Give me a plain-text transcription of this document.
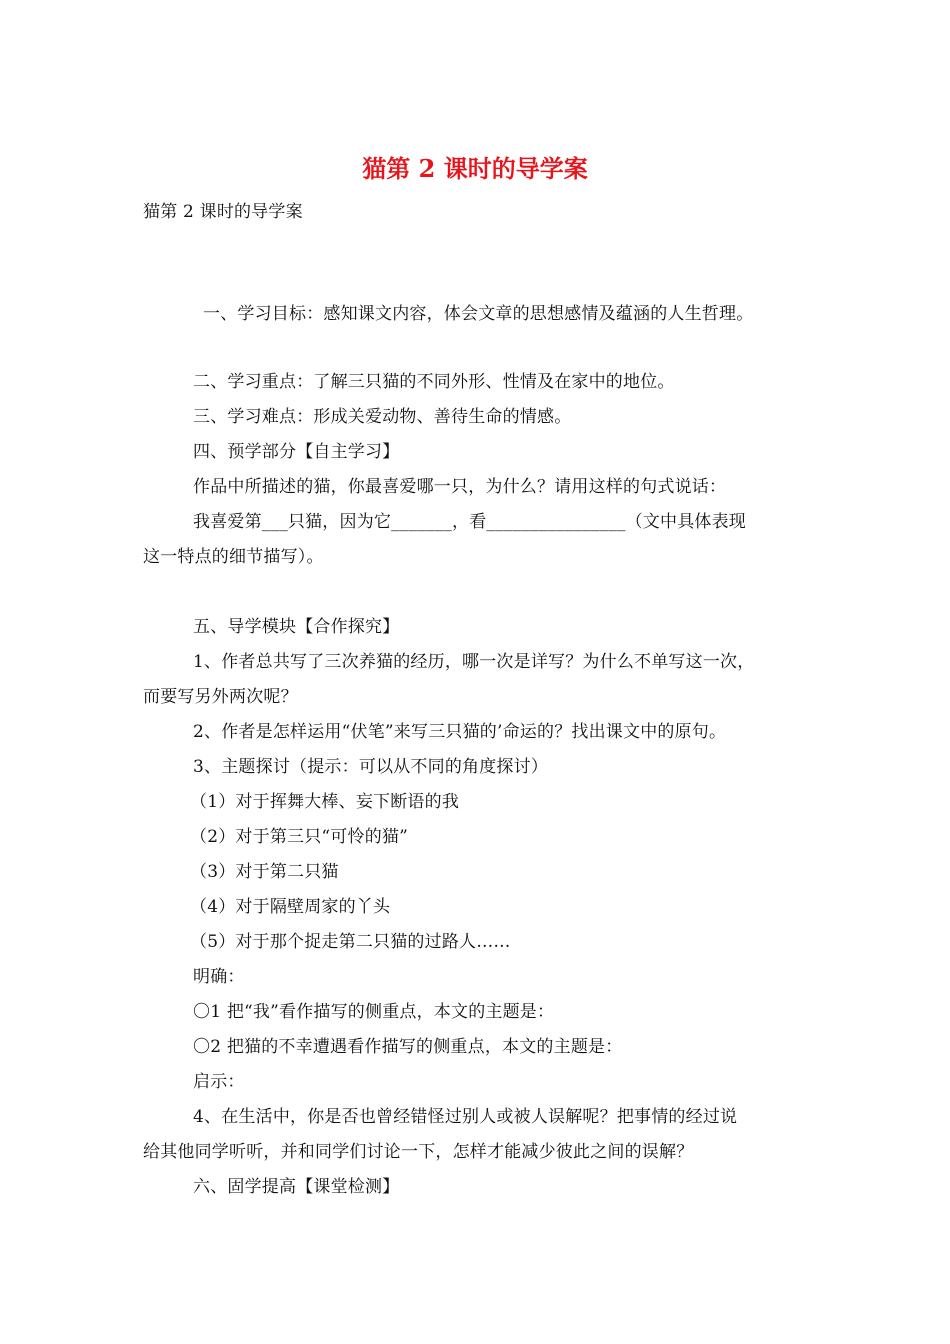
猫第 2 课时的导学案
猫第 2 课时的导学案
一、学习目标：感知课文内容，体会文章的思想感情及蕴涵的人生哲理。
二、学习重点：了解三只猫的不同外形、性情及在家中的地位。
三、学习难点：形成关爱动物、善待生命的情感。
四、预学部分【自主学习】
作品中所描述的猫，你最喜爱哪一只，为什么？请用这样的句式说话：
我喜爱第___只猫，因为它_______，看________________（文中具体表现
这一特点的细节描写）。
五、导学模块【合作探究】
1、作者总共写了三次养猫的经历，哪一次是详写？为什么不单写这一次，
而要写另外两次呢？
2、作者是怎样运用“伏笔”来写三只猫的’命运的？找出课文中的原句。
3、主题探讨（提示：可以从不同的角度探讨）
（1）对于挥舞大棒、妄下断语的我
（2）对于第三只“可怜的猫”
（3）对于第二只猫
（4）对于隔壁周家的丫头
（5）对于那个捉走第二只猫的过路人……
明确：
〇1 把“我”看作描写的侧重点，本文的主题是：
〇2 把猫的不幸遭遇看作描写的侧重点，本文的主题是：
启示：
4、在生活中，你是否也曾经错怪过别人或被人误解呢？把事情的经过说
给其他同学听听，并和同学们讨论一下，怎样才能减少彼此之间的误解？
六、固学提高【课堂检测】
